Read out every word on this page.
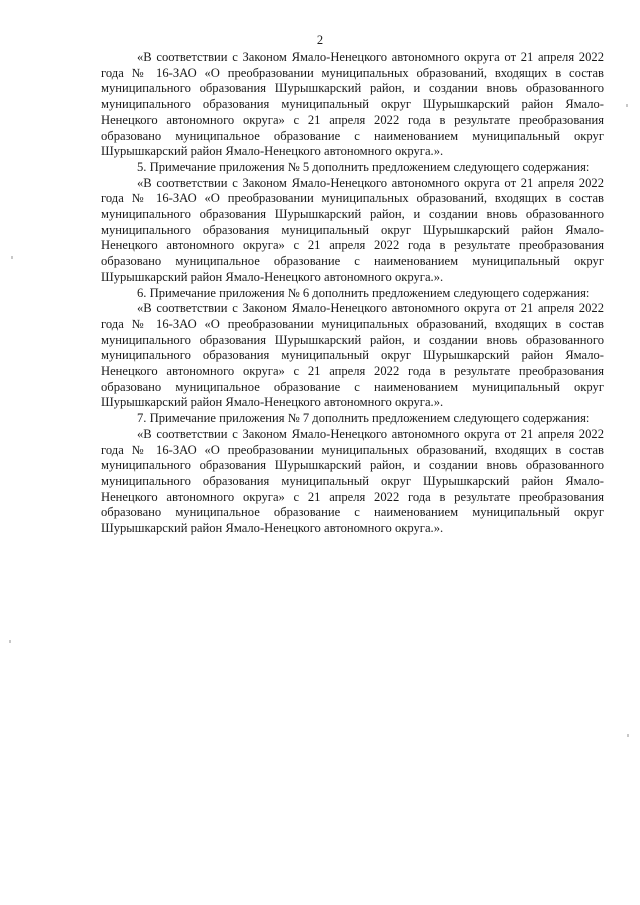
2

«В соответствии с Законом Ямало-Ненецкого автономного округа от 21 апреля 2022 года № 16-ЗАО «О преобразовании муниципальных образований, входящих в состав муниципального образования Шурышкарский район, и создании вновь образованного муниципального образования муниципальный округ Шурышкарский район Ямало-Ненецкого автономного округа» с 21 апреля 2022 года в результате преобразования образовано муниципальное образование с наименованием муниципальный округ Шурышкарский район Ямало-Ненецкого автономного округа.».

5. Примечание приложения № 5 дополнить предложением следующего содержания:

«В соответствии с Законом Ямало-Ненецкого автономного округа от 21 апреля 2022 года № 16-ЗАО «О преобразовании муниципальных образований, входящих в состав муниципального образования Шурышкарский район, и создании вновь образованного муниципального образования муниципальный округ Шурышкарский район Ямало-Ненецкого автономного округа» с 21 апреля 2022 года в результате преобразования образовано муниципальное образование с наименованием муниципальный округ Шурышкарский район Ямало-Ненецкого автономного округа.».

6. Примечание приложения № 6 дополнить предложением следующего содержания:

«В соответствии с Законом Ямало-Ненецкого автономного округа от 21 апреля 2022 года № 16-ЗАО «О преобразовании муниципальных образований, входящих в состав муниципального образования Шурышкарский район, и создании вновь образованного муниципального образования муниципальный округ Шурышкарский район Ямало-Ненецкого автономного округа» с 21 апреля 2022 года в результате преобразования образовано муниципальное образование с наименованием муниципальный округ Шурышкарский район Ямало-Ненецкого автономного округа.».

7. Примечание приложения № 7 дополнить предложением следующего содержания:

«В соответствии с Законом Ямало-Ненецкого автономного округа от 21 апреля 2022 года № 16-ЗАО «О преобразовании муниципальных образований, входящих в состав муниципального образования Шурышкарский район, и создании вновь образованного муниципального образования муниципальный округ Шурышкарский район Ямало-Ненецкого автономного округа» с 21 апреля 2022 года в результате преобразования образовано муниципальное образование с наименованием муниципальный округ Шурышкарский район Ямало-Ненецкого автономного округа.».
